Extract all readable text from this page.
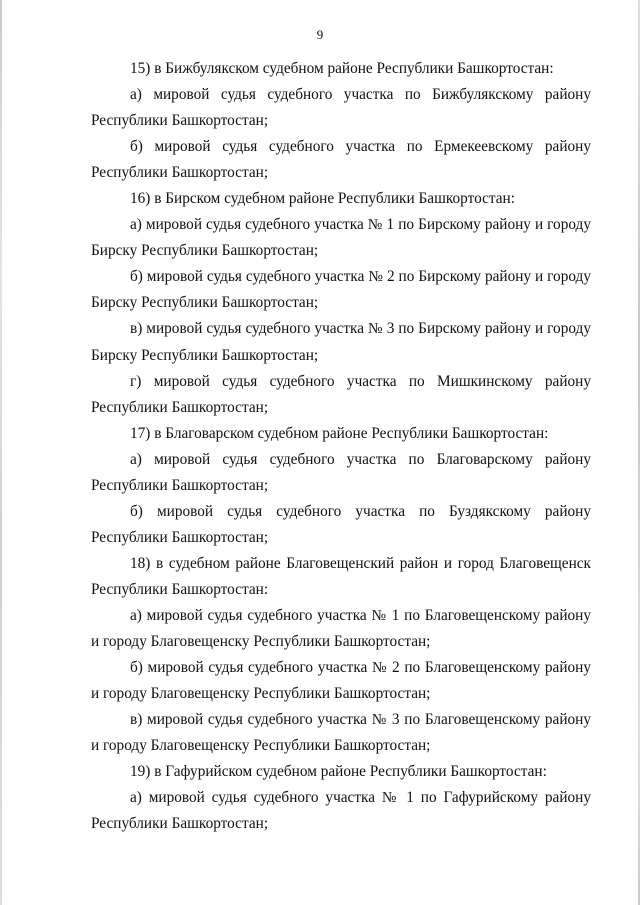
9

15) в Бижбулякском судебном районе Республики Башкортостан:

а) мировой судья судебного участка по Бижбулякскому району Республики Башкортостан;

б) мировой судья судебного участка по Ермекеевскому району Республики Башкортостан;

16) в Бирском судебном районе Республики Башкортостан:

а) мировой судья судебного участка № 1 по Бирскому району и городу Бирску Республики Башкортостан;

б) мировой судья судебного участка № 2 по Бирскому району и городу Бирску Республики Башкортостан;

в) мировой судья судебного участка № 3 по Бирскому району и городу Бирску Республики Башкортостан;

г) мировой судья судебного участка по Мишкинскому району Республики Башкортостан;

17) в Благоварском судебном районе Республики Башкортостан:

а) мировой судья судебного участка по Благоварскому району Республики Башкортостан;

б) мировой судья судебного участка по Буздякскому району Республики Башкортостан;

18) в судебном районе Благовещенский район и город Благовещенск Республики Башкортостан:

а) мировой судья судебного участка № 1 по Благовещенскому району и городу Благовещенску Республики Башкортостан;

б) мировой судья судебного участка № 2 по Благовещенскому району и городу Благовещенску Республики Башкортостан;

в) мировой судья судебного участка № 3 по Благовещенскому району и городу Благовещенску Республики Башкортостан;

19) в Гафурийском судебном районе Республики Башкортостан:

а) мировой судья судебного участка № 1 по Гафурийскому району Республики Башкортостан;
